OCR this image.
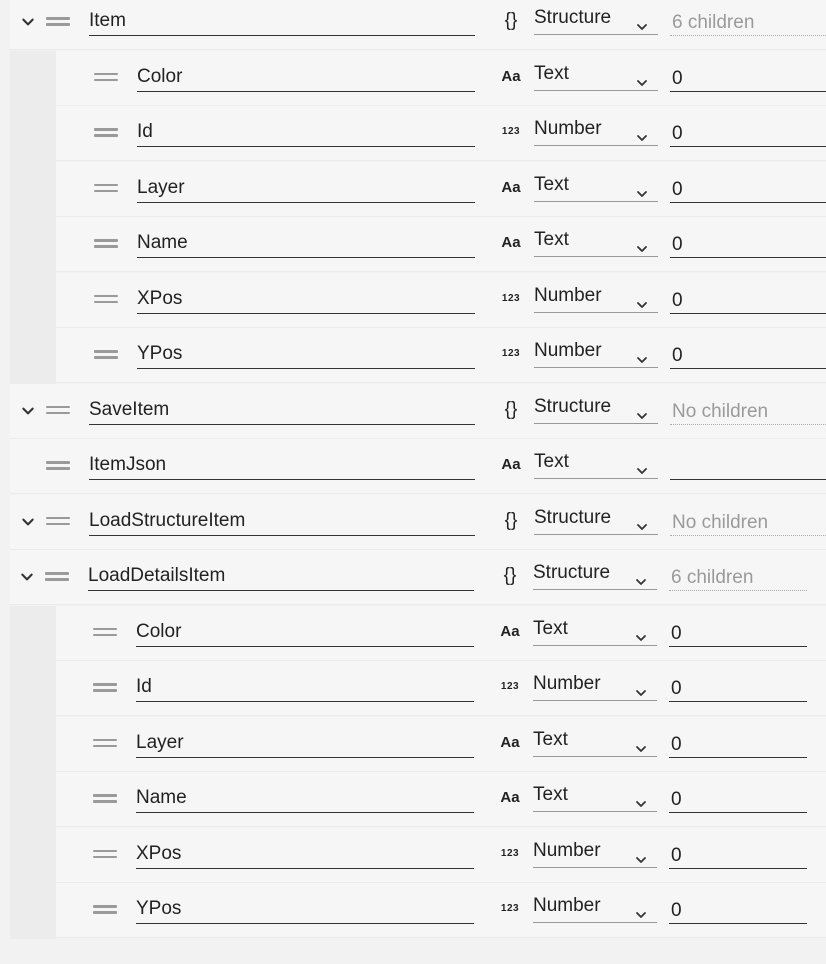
Item	{} Structure	6 children
Color	Aa Text	0
Id	123 Number	0
Layer	Aa Text	0
Name	Aa Text	0
XPos	123 Number	0
YPos	123 Number	0
SaveItem	{} Structure	No children
ItemJson	Aa Text
LoadStructureItem	{} Structure	No children
LoadDetailsItem	{} Structure	6 children
Color	Aa Text	0
Id	123 Number	0
Layer	Aa Text	0
Name	Aa Text	0
XPos	123 Number	0
YPos	123 Number	0
